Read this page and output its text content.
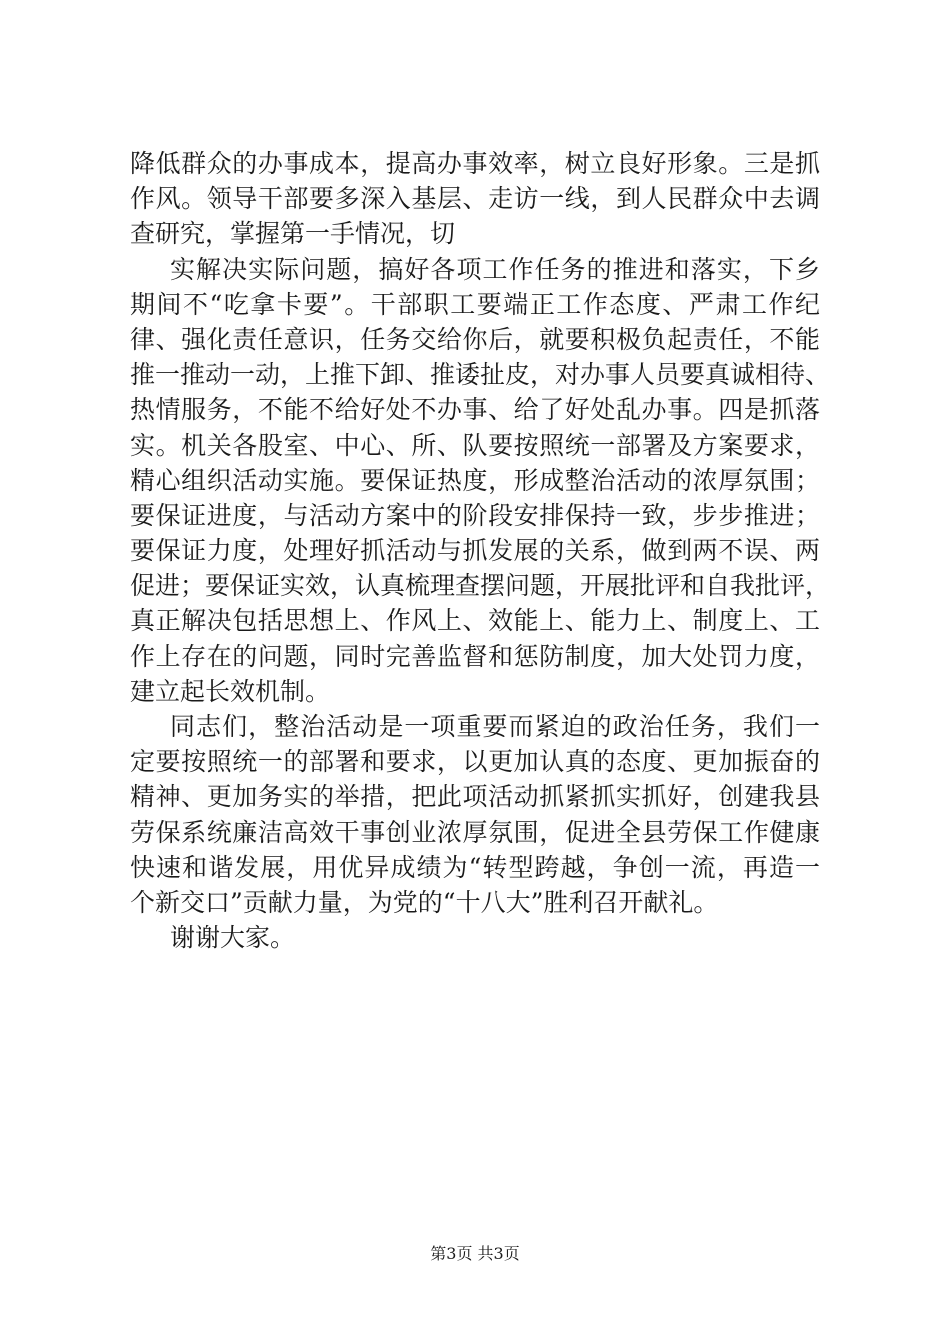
降低群众的办事成本，提高办事效率，树立良好形象。三是抓
作风。领导干部要多深入基层、走访一线，到人民群众中去调
查研究，掌握第一手情况，切
实解决实际问题，搞好各项工作任务的推进和落实，下乡
期间不“吃拿卡要”。干部职工要端正工作态度、严肃工作纪
律、强化责任意识，任务交给你后，就要积极负起责任，不能
推一推动一动，上推下卸、推诿扯皮，对办事人员要真诚相待、
热情服务，不能不给好处不办事、给了好处乱办事。四是抓落
实。机关各股室、中心、所、队要按照统一部署及方案要求，
精心组织活动实施。要保证热度，形成整治活动的浓厚氛围；
要保证进度，与活动方案中的阶段安排保持一致，步步推进；
要保证力度，处理好抓活动与抓发展的关系，做到两不误、两
促进；要保证实效，认真梳理查摆问题，开展批评和自我批评，
真正解决包括思想上、作风上、效能上、能力上、制度上、工
作上存在的问题，同时完善监督和惩防制度，加大处罚力度，
建立起长效机制。
同志们，整治活动是一项重要而紧迫的政治任务，我们一
定要按照统一的部署和要求，以更加认真的态度、更加振奋的
精神、更加务实的举措，把此项活动抓紧抓实抓好，创建我县
劳保系统廉洁高效干事创业浓厚氛围，促进全县劳保工作健康
快速和谐发展，用优异成绩为“转型跨越，争创一流，再造一
个新交口”贡献力量，为党的“十八大”胜利召开献礼。
谢谢大家。
第3页 共3页
